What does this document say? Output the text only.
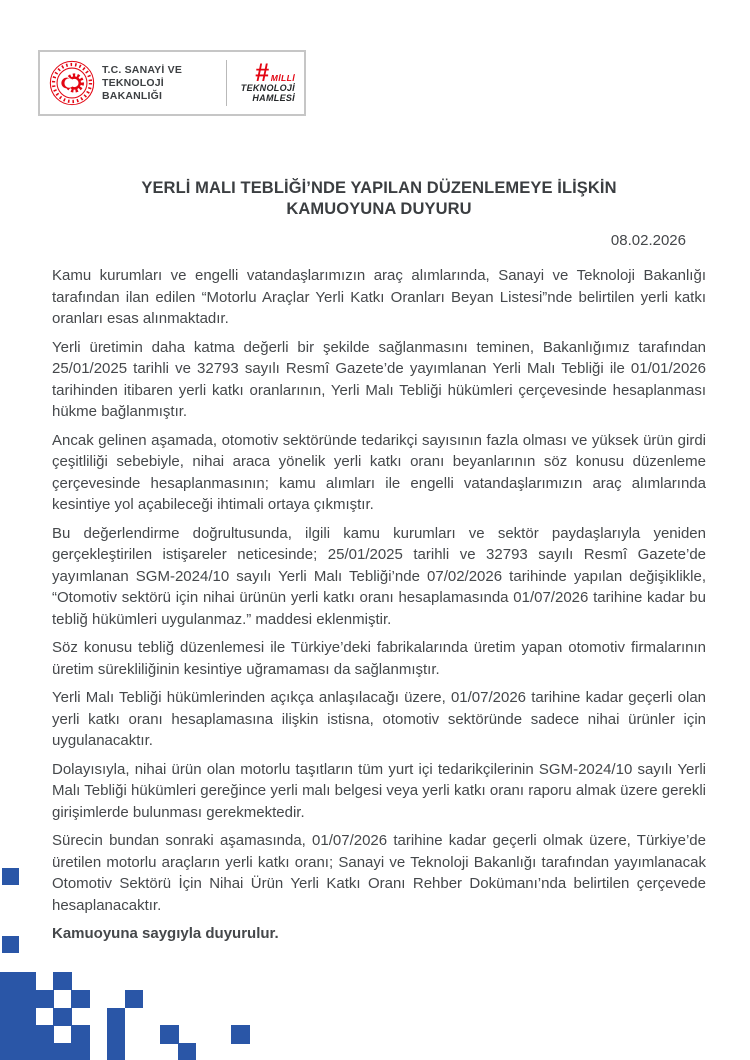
T.C. SANAYİ VE
TEKNOLOJİ BAKANLIĞI
# MİLLİ
TEKNOLOJİ
HAMLESİ
YERLİ MALI TEBLİĞİ’NDE YAPILAN DÜZENLEMEYE İLİŞKİN
KAMUOYUNA DUYURU
08.02.2026

Kamu kurumları ve engelli vatandaşlarımızın araç alımlarında, Sanayi ve Teknoloji Bakanlığı tarafından ilan edilen “Motorlu Araçlar Yerli Katkı Oranları Beyan Listesi”nde belirtilen yerli katkı oranları esas alınmaktadır.

Yerli üretimin daha katma değerli bir şekilde sağlanmasını teminen, Bakanlığımız tarafından 25/01/2025 tarihli ve 32793 sayılı Resmî Gazete’de yayımlanan Yerli Malı Tebliği ile 01/01/2026 tarihinden itibaren yerli katkı oranlarının, Yerli Malı Tebliği hükümleri çerçevesinde hesaplanması hükme bağlanmıştır.

Ancak gelinen aşamada, otomotiv sektöründe tedarikçi sayısının fazla olması ve yüksek ürün girdi çeşitliliği sebebiyle, nihai araca yönelik yerli katkı oranı beyanlarının söz konusu düzenleme çerçevesinde hesaplanmasının; kamu alımları ile engelli vatandaşlarımızın araç alımlarında kesintiye yol açabileceği ihtimali ortaya çıkmıştır.

Bu değerlendirme doğrultusunda, ilgili kamu kurumları ve sektör paydaşlarıyla yeniden gerçekleştirilen istişareler neticesinde; 25/01/2025 tarihli ve 32793 sayılı Resmî Gazete’de yayımlanan SGM-2024/10 sayılı Yerli Malı Tebliği’nde 07/02/2026 tarihinde yapılan değişiklikle, “Otomotiv sektörü için nihai ürünün yerli katkı oranı hesaplamasında 01/07/2026 tarihine kadar bu tebliğ hükümleri uygulanmaz.” maddesi eklenmiştir.

Söz konusu tebliğ düzenlemesi ile Türkiye’deki fabrikalarında üretim yapan otomotiv firmalarının üretim sürekliliğinin kesintiye uğramaması da sağlanmıştır.

Yerli Malı Tebliği hükümlerinden açıkça anlaşılacağı üzere, 01/07/2026 tarihine kadar geçerli olan yerli katkı oranı hesaplamasına ilişkin istisna, otomotiv sektöründe sadece nihai ürünler için uygulanacaktır.

Dolayısıyla, nihai ürün olan motorlu taşıtların tüm yurt içi tedarikçilerinin SGM-2024/10 sayılı Yerli Malı Tebliği hükümleri gereğince yerli malı belgesi veya yerli katkı oranı raporu almak üzere gerekli girişimlerde bulunması gerekmektedir.

Sürecin bundan sonraki aşamasında, 01/07/2026 tarihine kadar geçerli olmak üzere, Türkiye’de üretilen motorlu araçların yerli katkı oranı; Sanayi ve Teknoloji Bakanlığı tarafından yayımlanacak Otomotiv Sektörü İçin Nihai Ürün Yerli Katkı Oranı Rehber Dokümanı’nda belirtilen çerçevede hesaplanacaktır.

Kamuoyuna saygıyla duyurulur.
